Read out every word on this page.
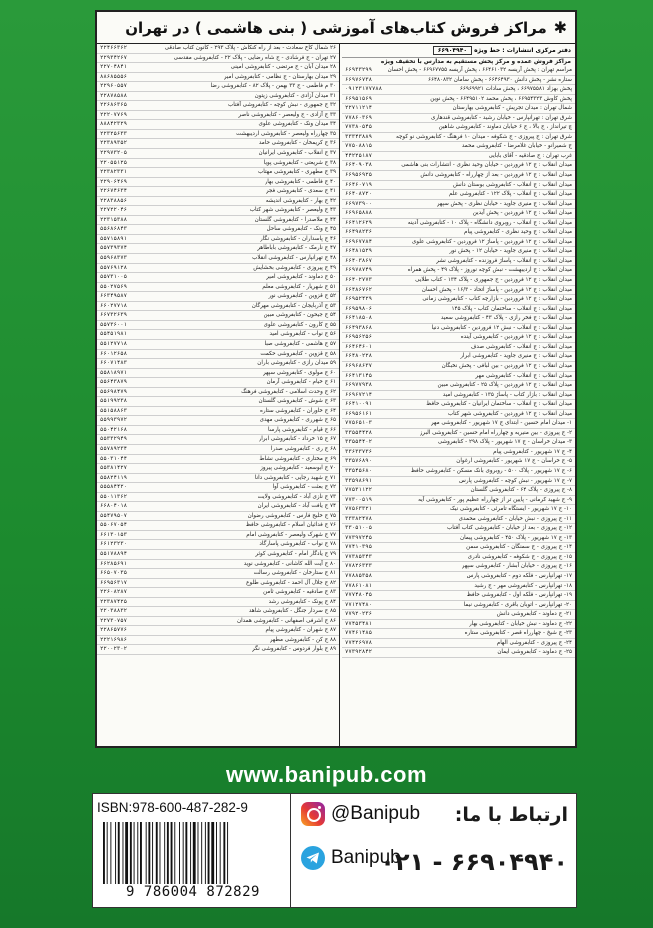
✱
مراکز فروش کتاب‌های آموزشی ( بنی هاشمی ) در تهران
دفتر مرکزی انتشارات : خط ویژه ۶۶۹۰۴۹۴۰
مراکز فروش عمده و مرکز پخش مستقیم به مدارس با تخفیف ویژه
مراسم تهران : پخش آریسه ۶۶۴۶۱۰۳۲ ، پخش آریسه ۶۶۹۶۷۷۵۵ - پخش احسان
۶۶۹۳۳۲۹۹
ستاره نشر - پخش دانش ۶۶۴۶۴۹۳۰ - پخش سامان ۶۶۴۸۰۸۳۲
۶۶۹۷۶۷۳۸
پخش بهزاد ۶۶۹۷۵۵۸۱ ، پخش سادات ۶۶۹۶۹۹۲۱
۰۹۱۲۳۱۷۷۷۸۸
پخش کاوش ۶۶۹۵۴۳۲۳ ، پخش محمد ۶۶۴۹۵۱۰۲ - پخش نوین
۶۶۹۵۱۵۶۹
شمال تهران : میدان تجریش - کتابفروشی بهارستان
۲۲۷۱۱۲۱۴
شرق تهران : تهرانپارس - خیابان رشید - کتابفروشی قندهاری
۷۷۸۶۰۳۶۹
چ تیرانداز ، ج بالا ، ج ۶ خیابان دماوند - کتابفروشی شاهین
۷۷۳۸۰۵۴۵
شرق تهران : ج پیروزی - ج شکوفه - میدان ۱۰ فرهنگ - کتابفروشی نو کوچه
۳۳۳۴۳۸۸۹
ج شمیرانو - خیابان غلامرضا - کتابفروشی محمد
۷۷۵۰۸۸۱۵
غرب تهران : ج صادقیه - آقای بابایی
۴۴۲۲۵۱۸۷
میدان انقلاب : ج ۱۲ فروردین - خیابان وحید نظری - انتشارات بنی هاشمی
۶۶۴۰۹۰۳۸
میدان انقلاب : ج ۱۲ فروردین - بعد از چهارراه - کتابفروشی دانش
۶۶۹۵۶۹۲۵
میدان انقلاب : ج انقلاب - کتابفروشی بوستان دانش
۶۶۴۶۰۷۱۹
میدان انقلاب : ج انقلاب - پلاک ۱۲۲ - کتابفروشی علم
۶۶۴۰۸۷۲۰
میدان انقلاب : ج منیری جاوید - خیابان نظری - پخش سپهر
۶۶۹۷۳۹۰۰
میدان انقلاب : ج ۱۲ فروردین - پخش آیدین
۶۶۹۶۵۸۸۸
میدان انقلاب : ج انقلاب - روبروی دانشگاه - پلاک ۱۰ - کتابفروشی آدینه
۶۶۴۱۲۶۲۹
میدان انقلاب : ج وحید نظری - کتابفروشی پیام
۶۶۴۹۸۲۳۶
میدان انقلاب : ج ۱۲ فروردین - پاساژ ۱۲ فروردین - کتابفروشی علوی
۶۶۹۶۷۷۸۴
میدان انقلاب : ج منیری جاوید - خیابان ۱۲ - پخش نور
۶۶۴۸۱۵۲۹
میدان انقلاب : ج انقلاب - پاساژ فروزنده - کتابفروشی نشر
۶۶۴۰۳۸۶۷
میدان انقلاب : ج اردیبهشت - نبش کوچه نوروز - پلاک ۴۹ - پخش همراه
۶۶۹۷۸۷۴۹
میدان انقلاب : ج ۱۲ فروردین - ج جمهوری - پلاک ۱۳۴ - کتاب طلایی
۶۶۴۰۲۷۷۳
میدان انقلاب : ج ۱۲ فروردین - پاساژ اتحاد - ۱۶/۳ - پخش احسان
۶۶۴۸۶۷۶۲
میدان انقلاب : ج ۱۲ فروردین - بازارچه کتاب - کتابفروشی زمانی
۶۶۹۵۲۴۲۹
میدان انقلاب : ج انقلاب - ساختمان کتاب - پلاک ۱۴۵
۶۶۹۵۹۸۰۶
میدان انقلاب : ج فخر رازی - پلاک ۴۳ - کتابفروشی سعید
۶۶۴۱۸۵۰۸
میدان انقلاب : ج انقلاب - نبش ۱۲ فروردین - کتابفروشی دنیا
۶۶۴۹۳۸۶۸
میدان انقلاب : ج ۱۲ فروردین - کتابفروشی آینده
۶۶۹۵۶۲۵۶
میدان انقلاب : ج انقلاب - کتابفروشی صدف
۶۶۴۶۴۶۰۱
میدان انقلاب : ج منیری جاوید - کتابفروشی ابرار
۶۶۴۸۰۲۲۸
میدان انقلاب : ج ۱۲ فروردین - بین لبافی - پخش نخبگان
۶۶۹۶۸۶۳۷
میدان انقلاب : ج انقلاب - کتابفروشی مهر
۶۶۴۱۳۱۴۵
میدان انقلاب : ج ۱۲ فروردین - پلاک ۲۵ - کتابفروشی مبین
۶۶۹۷۷۹۳۸
میدان انقلاب : بازار کتاب - پاساژ ۱۳۵ - کتابفروشی امید
۶۶۹۶۷۲۱۴
میدان انقلاب : ج انقلاب - ساختمان ایرانیان - کتابفروشی حافظ
۶۶۴۱۰۰۹۱
میدان انقلاب : ج ۱۲ فروردین - کتابفروشی شهر کتاب
۶۶۹۵۶۱۶۱
۱- میدان امام حسین - ابتدای ج ۱۷ شهریور - کتابفروشی مهر
۷۷۵۶۵۱۰۳
۲- ج پیروزی - بین منیریه و چهارراه امام حسین - کتابفروشی البرز
۳۳۵۵۴۴۲۸
۳- میدان خراسان - ج ۱۷ شهریور - پلاک ۲۹۸ - کتابفروشی
۳۳۵۵۴۴۰۲
۴- ج ۱۷ شهریور - کتابفروشی پیام
۳۳۶۳۳۷۳۶
۵- ج خراسان - ج ۱۷ شهریور - کتابفروشی ارغوان
۳۳۵۷۶۸۹۰
۶- ج ۱۷ شهریور - پلاک ۵۰۰ - روبروی بانک مسکن - کتابفروشی حافظ
۳۳۵۴۵۶۸۰
۷- ج ۱۷ شهریور - نبش کوچه - کتابفروشی پارس
۳۳۵۹۸۶۹۱
۸- ج پیروزی - پلاک ۶۴ - کتابفروشی گلستان
۷۷۵۳۱۱۲۲
۹- ج شهید کرمانی - پایین تر از چهارراه عظیم پور - کتابفروشی آیه
۷۷۳۰۰۵۱۹
۱۰- ج ۱۷ شهریور - ایستگاه تامرئی - کتابفروشی نیک
۷۷۵۶۳۳۲۱
۱۱- ج پیروزی - نبش خیابان - کتابفروشی محمدی
۳۳۳۸۲۴۷۸
۱۲- ج پیروزی - بعد از خیابان - کتابفروشی کتاب آفتاب
۳۳۰۵۱۰۰۵
۱۳- ج ۱۷ شهریور - پلاک ۴۵۰ - کتابفروشی پیمان
۷۷۳۹۷۲۴۵
۱۴- ج پیروزی - ج سمنگان - کتابفروشی سمن
۷۷۴۱۰۳۹۵
۱۵- ج پیروزی - ج شکوفه - کتابفروشی نادری
۷۷۳۸۵۳۴۳
۱۶- ج پیروزی - خیابان آبشار - کتابفروشی سپهر
۷۷۸۲۶۳۳۳
۱۷- تهرانپارس - فلکه دوم - کتابفروشی پارس
۷۷۸۸۵۳۵۸
۱۸- تهرانپارس - کتابفروشی مهر - ج رشید
۷۷۸۶۱۰۸۱
۱۹- تهرانپارس - فلکه اول - کتابفروشی حافظ
۷۷۷۴۸۰۴۵
۲۰- تهرانپارس - اتوبان باقری - کتابفروشی نیما
۷۷۱۲۷۴۸۰
۲۱- ج دماوند - کتابفروشی دانش
۷۷۹۲۰۲۳۶
۲۲- ج دماوند - نبش خیابان - کتابفروشی بهار
۷۷۴۵۳۴۸۱
۲۳- ج شیخ - چهارراه قصر - کتابفروشی ستاره
۷۷۴۶۱۴۸۵
۲۴- ج پیروزی - کتابفروشی الهام
۷۷۴۲۶۹۷۸
۲۵- ج دماوند - کتابفروشی ایمان
۷۷۳۹۲۸۴۲
۲۶ شمال کاخ سعادت - بعد از راه کنکاش - پلاک ۲۹۳ - کانون کتاب صادقی
۲۲۴۶۶۳۶۲
۲۷ تهران - ج فرشادی - ج شاه رضایی - پلاک ۲۲ - کتابفروشی مقدسی
۲۲۹۳۴۲۶۷
۲۸ میدان آبان - ج مرتضی - کتابفروشی امینی
۲۲۷۰۴۸۴۱
۲۹ میدان بهارستان - ج نظامی - کتابفروشی امیر
۸۸۶۸۵۵۵۶
۳۰ م فاطمی - ج ۳۳ بهمن - پلاک ۸۲ - کتابفروشی رضا
۲۲۹۶۰۵۵۷
۳۱ میدان آزادی - کتابفروشی زیتون
۲۲۸۷۸۵۸۸
۳۲ ج جمهوری - نبش کوچه - کتابفروشی آفتاب
۲۲۶۸۶۳۶۵
۳۳ ج آزادی - ج ولیعصر - کتابفروشی ناصر
۲۲۲۰۷۷۶۹
۳۴ میدان ونک - کتابفروشی علوی
۸۸۸۴۲۳۲۹
۳۵ چهارراه ولیعصر - کتابفروشی اردیبهشت
۲۲۳۲۵۶۳۳
۳۶ ج کریمخان - کتابفروشی حامد
۲۲۳۸۹۳۵۲
۳۷ ج انقلاب - کتابفروشی ایرانیان
۲۲۹۷۳۲۰۵
۳۸ ج شریعتی - کتابفروشی پویا
۲۲۰۵۵۱۲۵
۳۹ ج مطهری - کتابفروشی مهتاب
۲۲۳۸۲۳۳۱
۴۰ ج فاطمی - کتابفروشی بهار
۲۲۹۰۶۴۶۹
۴۱ ج سعدی - کتابفروشی فجر
۲۲۶۷۴۶۳۴
۴۲ ج بهار - کتابفروشی اندیشه
۲۲۸۳۸۸۵۶
۴۳ ج ولیعصر - کتابفروشی شهر کتاب
۲۲۷۲۲۰۴۶
۴۴ ج ملاصدرا - کتابفروشی گلستان
۲۲۳۱۵۳۸۸
۴۵ ج ونک - کتابفروشی ساحل
۵۵۶۸۶۸۴۳
۴۶ ج پاسداران - کتابفروشی نگار
۵۵۷۱۵۸۹۱
۴۷ ج نارمک - کتابفروشی باباطاهر
۵۵۷۳۹۳۷۴
۴۸ ج تهرانپارس - کتابفروشی انقلاب
۵۵۹۶۸۳۷۳
۴۹ ج پیروزی - کتابفروشی بخشایش
۵۵۷۶۹۱۲۸
۵۰ ج دماوند - کتابفروشی امیر
۵۵۷۳۱۰۰۵
۵۱ ج شهریار - کتابفروشی معلم
۵۵۰۲۷۵۶۹
۵۲ ج قزوین - کتابفروشی نور
۶۶۳۴۹۵۸۷
۵۳ ج آذربایجان - کتابفروشی مهرگان
۶۶۰۲۷۷۱۸
۵۴ ج جیحون - کتابفروشی مبین
۶۶۷۳۲۶۳۹
۵۵ ج کارون - کتابفروشی علوی
۵۵۷۳۶۰۰۱
۵۶ ج نواب - کتابفروشی امید
۵۵۴۵۱۹۸۱
۵۷ ج هاشمی - کتابفروشی صبا
۵۵۱۲۷۷۱۸
۵۸ ج قزوین - کتابفروشی حکمت
۶۶۰۱۲۶۵۸
۵۹ میدان رازی - کتابفروشی باران
۶۶۰۷۱۴۸۳
۶۰ ج مولوی - کتابفروشی سپهر
۵۵۸۱۸۹۷۱
۶۱ ج خیام - کتابفروشی آرمان
۵۵۶۴۳۸۷۹
۶۲ ج وحدت اسلامی - کتابفروشی فرهنگ
۵۵۶۹۸۴۷۹
۶۳ ج شوش - کتابفروشی گلستان
۵۵۱۹۹۲۳۸
۶۴ ج خاوران - کتابفروشی ستاره
۵۵۱۵۸۸۶۳
۶۵ ج شهرری - کتابفروشی مهدی
۵۵۹۹۳۹۷۲
۶۶ ج قیام - کتابفروشی پارسا
۵۵۰۴۲۱۶۸
۶۷ ج ۱۵ خرداد - کتابفروشی ابرار
۵۵۳۳۲۹۴۹
۶۸ ج ری - کتابفروشی صدرا
۵۵۷۸۹۲۳۴
۶۹ ج مختاری - کتابفروشی نشاط
۵۵۰۳۱۰۴۴
۷۰ ج ابوسعید - کتابفروشی پیروز
۵۵۳۸۱۴۲۷
۷۱ ج شهید رجایی - کتابفروشی دانا
۵۵۸۲۴۱۱۹
۷۲ ج بعثت - کتابفروشی آوا
۵۵۵۸۴۴۲۰
۷۳ ج نازی آباد - کتابفروشی ولایت
۵۵۰۱۱۳۶۲
۷۴ ج یافت آباد - کتابفروشی ایران
۶۶۸۰۴۰۱۸
۷۵ ج خلیج فارس - کتابفروشی رضوان
۵۵۴۷۹۵۰۷
۷۶ ج فدائیان اسلام - کتابفروشی حافظ
۵۵۰۶۷۰۵۴
۷۷ ج شهرک ولیعصر - کتابفروشی امام
۶۶۱۳۰۱۵۳
۷۸ ج نواب - کتابفروشی پاسارگاد
۶۶۱۲۳۲۳۰
۷۹ ج یادگار امام - کتابفروشی کوثر
۵۵۱۷۸۸۹۴
۸۰ ج آیت الله کاشانی - کتابفروشی نوید
۶۶۲۸۵۶۹۱
۸۱ ج ستارخان - کتابفروشی رسالت
۶۶۵۰۷۰۳۵
۸۲ ج جلال آل احمد - کتابفروشی طلوع
۶۶۹۵۶۳۱۷
۸۳ ج صادقیه - کتابفروشی ثامن
۲۲۶۰۸۲۸۷
۸۴ ج پونک - کتابفروشی رشد
۲۲۳۸۷۴۲۵
۸۵ ج سردار جنگل - کتابفروشی شاهد
۲۲۰۳۸۸۳۲
۸۶ ج اشرفی اصفهانی - کتابفروشی همدان
۲۲۷۳۰۷۵۷
۸۷ ج شهران - کتابفروشی پیام
۲۲۸۶۵۷۷۶
۸۸ ج کن - کتابفروشی مطهر
۲۲۲۱۶۹۸۶
۸۹ ج بلوار فردوس - کتابفروشی نگر
۲۲۰۰۲۳۰۲
www.banipub.com
ISBN:978-600-487-282-9
9 786004 872829
ارتباط با ما:
@Banipub
Banipub
۰۲۱ - ۶۶۹۰۴۹۴۰
